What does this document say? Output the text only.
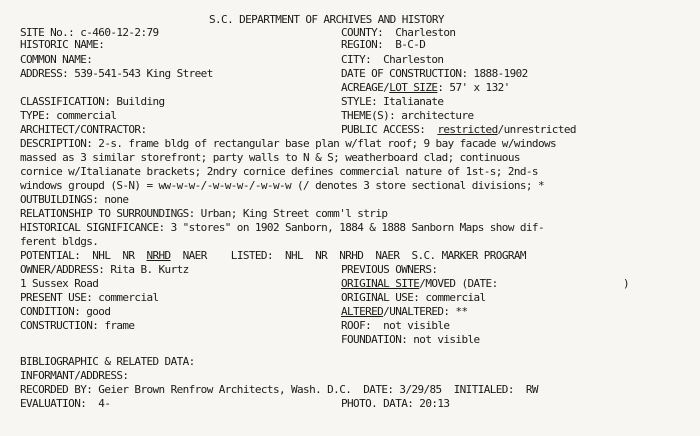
S.C. DEPARTMENT OF ARCHIVES AND HISTORY
SITE No.: c-460-12-2:79
HISTORIC NAME:
COMMON NAME:
ADDRESS: 539-541-543 King Street
CLASSIFICATION: Building
TYPE: commercial
ARCHITECT/CONTRACTOR:
COUNTY:  Charleston
REGION:  B-C-D
CITY:  Charleston
DATE OF CONSTRUCTION: 1888-1902
ACREAGE/LOT SIZE: 57' x 132'
STYLE: Italianate
THEME(S): architecture
PUBLIC ACCESS:  restricted/unrestricted
DESCRIPTION: 2-s. frame bldg of rectangular base plan w/flat roof; 9 bay facade w/windows
massed as 3 similar storefront; party walls to N & S; weatherboard clad; continuous
cornice w/Italianate brackets; 2ndry cornice defines commercial nature of 1st-s; 2nd-s
windows groupd (S-N) = ww-w-w-/-w-w-w-/-w-w-w (/ denotes 3 store sectional divisions; *
OUTBUILDINGS: none
RELATIONSHIP TO SURROUNDINGS: Urban; King Street comm'l strip
HISTORICAL SIGNIFICANCE: 3 "stores" on 1902 Sanborn, 1884 & 1888 Sanborn Maps show dif-
ferent bldgs.
POTENTIAL:  NHL  NR  NRHD  NAER    LISTED:  NHL  NR  NRHD  NAER  S.C. MARKER PROGRAM
OWNER/ADDRESS: Rita B. Kurtz
1 Sussex Road
PRESENT USE: commercial
CONDITION: good
CONSTRUCTION: frame
PREVIOUS OWNERS:
ORIGINAL SITE/MOVED (DATE:	)
ORIGINAL USE: commercial
ALTERED/UNALTERED: **
ROOF:  not visible
FOUNDATION: not visible
BIBLIOGRAPHIC & RELATED DATA:
INFORMANT/ADDRESS:
RECORDED BY: Geier Brown Renfrow Architects, Wash. D.C.  DATE: 3/29/85  INITIALED:  RW
EVALUATION:  4-	PHOTO. DATA: 20:13
